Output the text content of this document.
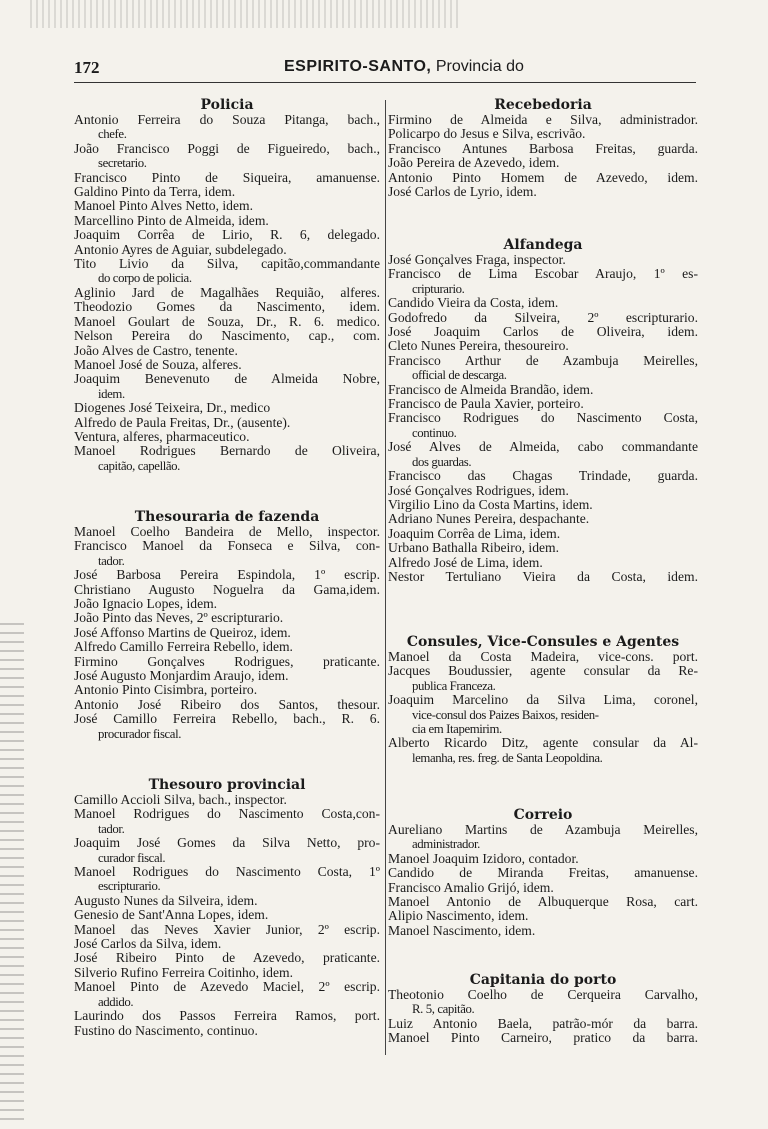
172	ESPIRITO-SANTO, Provincia do
Policia
Antonio Ferreira do Souza Pitanga, bach.,
chefe.
João Francisco Poggi de Figueiredo, bach.,
secretario.
Francisco Pinto de Siqueira, amanuense.
Galdino Pinto da Terra, idem.
Manoel Pinto Alves Netto, idem.
Marcellino Pinto de Almeida, idem.
Joaquim Corrêa de Lirio, R. 6, delegado.
Antonio Ayres de Aguiar, subdelegado.
Tito Livio da Silva, capitão,commandante
do corpo de policia.
Aglinio Jard de Magalhães Requião, alferes.
Theodozio Gomes da Nascimento, idem.
Manoel Goulart de Souza, Dr., R. 6. medico.
Nelson Pereira do Nascimento, cap., com.
João Alves de Castro, tenente.
Manoel José de Souza, alferes.
Joaquim Benevenuto de Almeida Nobre,
idem.
Diogenes José Teixeira, Dr., medico
Alfredo de Paula Freitas, Dr., (ausente).
Ventura, alferes, pharmaceutico.
Manoel Rodrigues Bernardo de Oliveira,
capitão, capellão.
Thesouraria de fazenda
Manoel Coelho Bandeira de Mello, inspector.
Francisco Manoel da Fonseca e Silva, con-
tador.
José Barbosa Pereira Espindola, 1º escrip.
Christiano Augusto Noguelra da Gama,idem.
João Ignacio Lopes, idem.
João Pinto das Neves, 2º escripturario.
José Affonso Martins de Queiroz, idem.
Alfredo Camillo Ferreira Rebello, idem.
Firmino Gonçalves Rodrigues, praticante.
José Augusto Monjardim Araujo, idem.
Antonio Pinto Cisimbra, porteiro.
Antonio José Ribeiro dos Santos, thesour.
José Camillo Ferreira Rebello, bach., R. 6.
procurador fiscal.
Thesouro provincial
Camillo Accioli Silva, bach., inspector.
Manoel Rodrigues do Nascimento Costa,con-
tador.
Joaquim José Gomes da Silva Netto, pro-
curador fiscal.
Manoel Rodrigues do Nascimento Costa, 1º
escripturario.
Augusto Nunes da Silveira, idem.
Genesio de Sant'Anna Lopes, idem.
Manoel das Neves Xavier Junior, 2º escrip.
José Carlos da Silva, idem.
José Ribeiro Pinto de Azevedo, praticante.
Silverio Rufino Ferreira Coitinho, idem.
Manoel Pinto de Azevedo Maciel, 2º escrip.
addido.
Laurindo dos Passos Ferreira Ramos, port.
Fustino do Nascimento, continuo.
Recebedoria
Firmino de Almeida e Silva, administrador.
Policarpo do Jesus e Silva, escrivão.
Francisco Antunes Barbosa Freitas, guarda.
João Pereira de Azevedo, idem.
Antonio Pinto Homem de Azevedo, idem.
José Carlos de Lyrio, idem.
Alfandega
José Gonçalves Fraga, inspector.
Francisco de Lima Escobar Araujo, 1º es-
cripturario.
Candido Vieira da Costa, idem.
Godofredo da Silveira, 2º escripturario.
José Joaquim Carlos de Oliveira, idem.
Cleto Nunes Pereira, thesoureiro.
Francisco Arthur de Azambuja Meirelles,
official de descarga.
Francisco de Almeida Brandão, idem.
Francisco de Paula Xavier, porteiro.
Francisco Rodrigues do Nascimento Costa,
continuo.
José Alves de Almeida, cabo commandante
dos guardas.
Francisco das Chagas Trindade, guarda.
José Gonçalves Rodrigues, idem.
Virgilio Lino da Costa Martins, idem.
Adriano Nunes Pereira, despachante.
Joaquim Corrêa de Lima, idem.
Urbano Bathalla Ribeiro, idem.
Alfredo José de Lima, idem.
Nestor Tertuliano Vieira da Costa, idem.
Consules, Vice-Consules e Agentes
Manoel da Costa Madeira, vice-cons. port.
Jacques Boudussier, agente consular da Re-
publica Franceza.
Joaquim Marcelino da Silva Lima, coronel,
vice-consul dos Paizes Baixos, residen-
cia em Itapemirim.
Alberto Ricardo Ditz, agente consular da Al-
lemanha, res. freg. de Santa Leopoldina.
Correio
Aureliano Martins de Azambuja Meirelles,
administrador.
Manoel Joaquim Izidoro, contador.
Candido de Miranda Freitas, amanuense.
Francisco Amalio Grijó, idem.
Manoel Antonio de Albuquerque Rosa, cart.
Alipio Nascimento, idem.
Manoel Nascimento, idem.
Capitania do porto
Theotonio Coelho de Cerqueira Carvalho,
R. 5, capitão.
Luiz Antonio Baela, patrão-mór da barra.
Manoel Pinto Carneiro, pratico da barra.
